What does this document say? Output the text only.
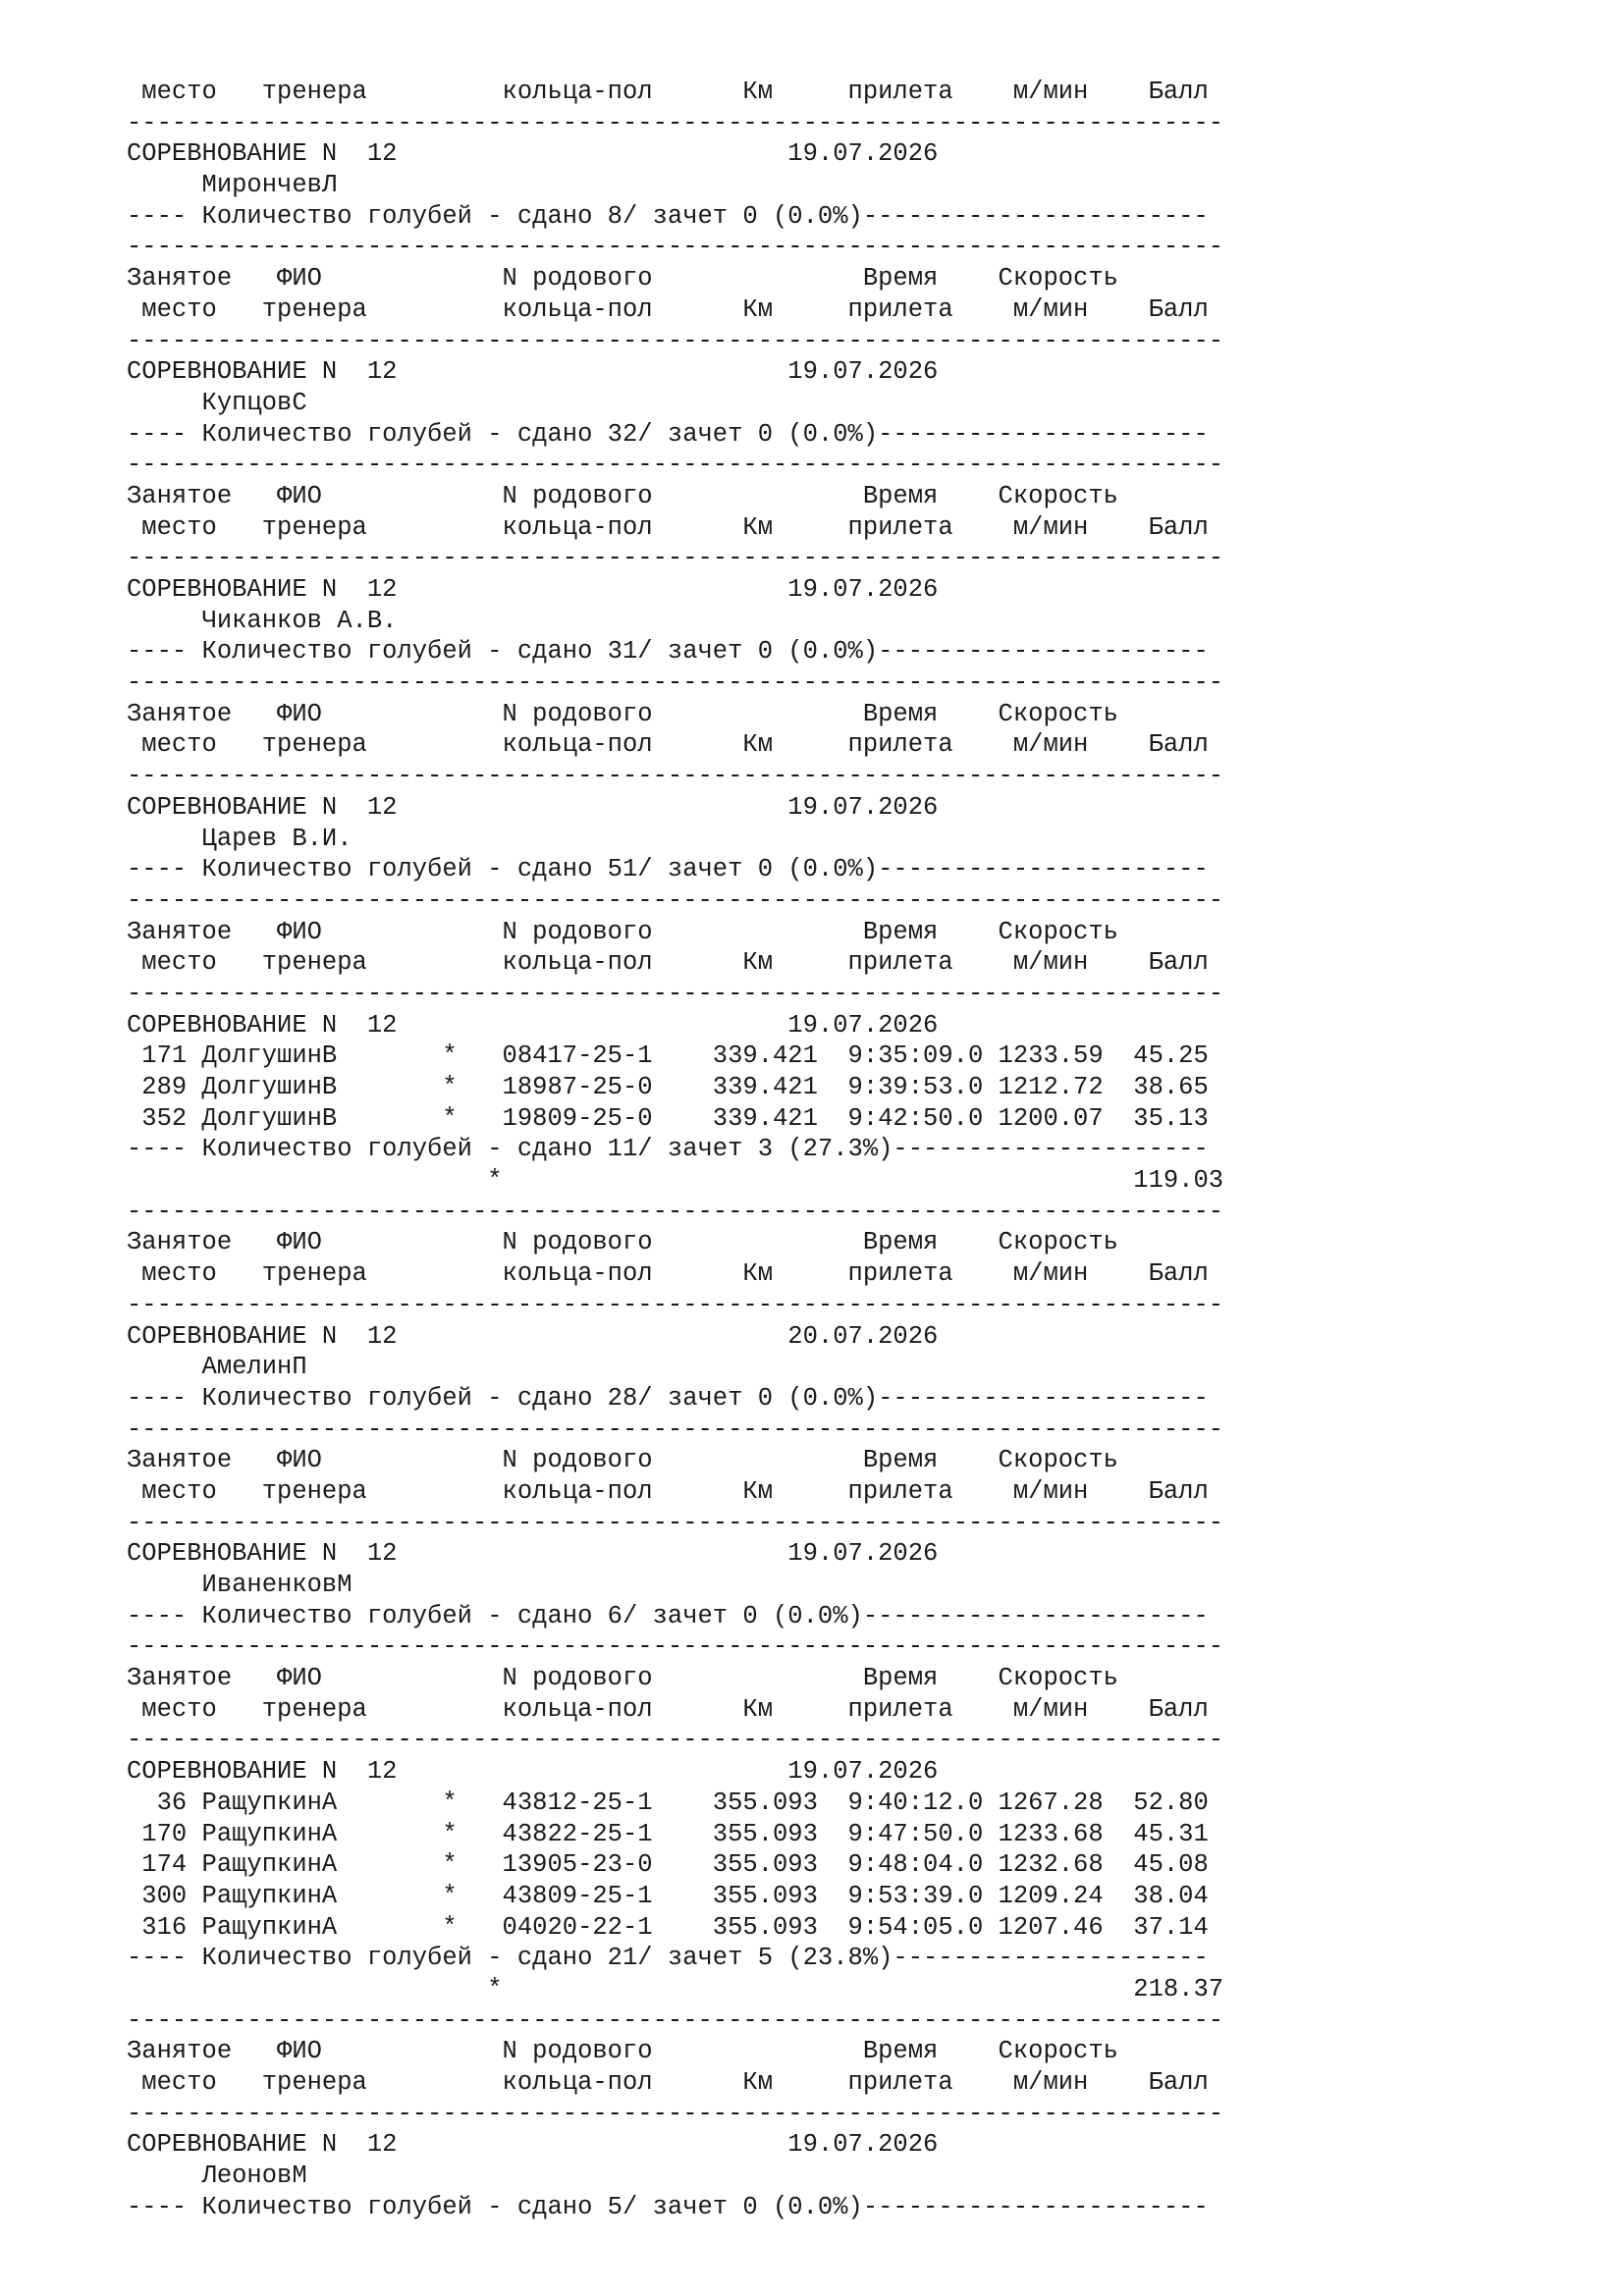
место   тренера         кольца-пол      Км     прилета    м/мин    Балл
-------------------------------------------------------------------------
СОРЕВНОВАНИЕ N  12                          19.07.2026
МирончевЛ
---- Количество голубей - сдано 8/ зачет 0 (0.0%)-----------------------
-------------------------------------------------------------------------
Занятое   ФИО            N родового              Время    Скорость
место   тренера         кольца-пол      Км     прилета    м/мин    Балл
-------------------------------------------------------------------------
СОРЕВНОВАНИЕ N  12                          19.07.2026
КупцовС
---- Количество голубей - сдано 32/ зачет 0 (0.0%)----------------------
-------------------------------------------------------------------------
Занятое   ФИО            N родового              Время    Скорость
место   тренера         кольца-пол      Км     прилета    м/мин    Балл
-------------------------------------------------------------------------
СОРЕВНОВАНИЕ N  12                          19.07.2026
Чиканков А.В.
---- Количество голубей - сдано 31/ зачет 0 (0.0%)----------------------
-------------------------------------------------------------------------
Занятое   ФИО            N родового              Время    Скорость
место   тренера         кольца-пол      Км     прилета    м/мин    Балл
-------------------------------------------------------------------------
СОРЕВНОВАНИЕ N  12                          19.07.2026
Царев В.И.
---- Количество голубей - сдано 51/ зачет 0 (0.0%)----------------------
-------------------------------------------------------------------------
Занятое   ФИО            N родового              Время    Скорость
место   тренера         кольца-пол      Км     прилета    м/мин    Балл
-------------------------------------------------------------------------
СОРЕВНОВАНИЕ N  12                          19.07.2026
171 ДолгушинВ       *   08417-25-1    339.421  9:35:09.0 1233.59  45.25
289 ДолгушинВ       *   18987-25-0    339.421  9:39:53.0 1212.72  38.65
352 ДолгушинВ       *   19809-25-0    339.421  9:42:50.0 1200.07  35.13
---- Количество голубей - сдано 11/ зачет 3 (27.3%)---------------------
*                                          119.03
-------------------------------------------------------------------------
Занятое   ФИО            N родового              Время    Скорость
место   тренера         кольца-пол      Км     прилета    м/мин    Балл
-------------------------------------------------------------------------
СОРЕВНОВАНИЕ N  12                          20.07.2026
АмелинП
---- Количество голубей - сдано 28/ зачет 0 (0.0%)----------------------
-------------------------------------------------------------------------
Занятое   ФИО            N родового              Время    Скорость
место   тренера         кольца-пол      Км     прилета    м/мин    Балл
-------------------------------------------------------------------------
СОРЕВНОВАНИЕ N  12                          19.07.2026
ИваненковМ
---- Количество голубей - сдано 6/ зачет 0 (0.0%)-----------------------
-------------------------------------------------------------------------
Занятое   ФИО            N родового              Время    Скорость
место   тренера         кольца-пол      Км     прилета    м/мин    Балл
-------------------------------------------------------------------------
СОРЕВНОВАНИЕ N  12                          19.07.2026
36 РащупкинА       *   43812-25-1    355.093  9:40:12.0 1267.28  52.80
170 РащупкинА       *   43822-25-1    355.093  9:47:50.0 1233.68  45.31
174 РащупкинА       *   13905-23-0    355.093  9:48:04.0 1232.68  45.08
300 РащупкинА       *   43809-25-1    355.093  9:53:39.0 1209.24  38.04
316 РащупкинА       *   04020-22-1    355.093  9:54:05.0 1207.46  37.14
---- Количество голубей - сдано 21/ зачет 5 (23.8%)---------------------
*                                          218.37
-------------------------------------------------------------------------
Занятое   ФИО            N родового              Время    Скорость
место   тренера         кольца-пол      Км     прилета    м/мин    Балл
-------------------------------------------------------------------------
СОРЕВНОВАНИЕ N  12                          19.07.2026
ЛеоновМ
---- Количество голубей - сдано 5/ зачет 0 (0.0%)-----------------------
